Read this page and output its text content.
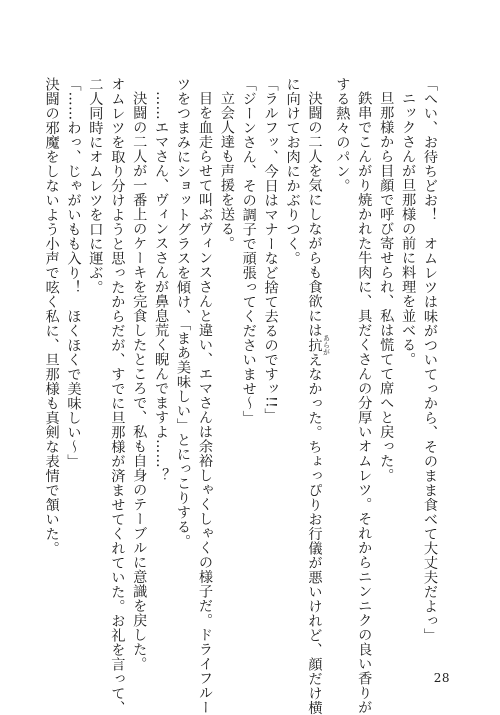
「へい、お待ちどお！　オムレツは味がついてっから、そのまま食べて大丈夫だよっ」
ニックさんが旦那様の前に料理を並べる。
旦那様から目顔で呼び寄せられ、私は慌てて席へと戻った。
鉄串でこんがり焼かれた牛肉に、具だくさんの分厚いオムレツ。それからニンニクの良い香りが
する熱々のパン。
決闘の二人を気にしながらも食欲には抗 あらがえなかった。ちょっぴりお行儀が悪いけれど、顔だけ横
に向けてお肉にかぶりつく。
「ラルフッ、今日はマナーなど捨て去るのですッ!!」
「ジーンさん、その調子で頑張ってくださいませ〜」
立会人達も声援を送る。
目を血走らせて叫ぶヴィンスさんと違い、エマさんは余裕しゃくしゃくの様子だ。ドライフルー
ツをつまみにショットグラスを傾け、「まあ美味しい」とにっこりする。
……エマさん、ヴィンスさんが鼻息荒く睨んでますよ……？
決闘の二人が一番上のケーキを完食したところで、私も自身のテーブルに意識を戻した。
オムレツを取り分けようと思ったからだが、すでに旦那様が済ませてくれていた。お礼を言って、
二人同時にオムレツを口に運ぶ。
「……わっ、じゃがいもも入り！　ほくほくで美味しい〜」
決闘の邪魔をしないよう小声で呟く私に、旦那様も真剣な表情で頷いた。
28
